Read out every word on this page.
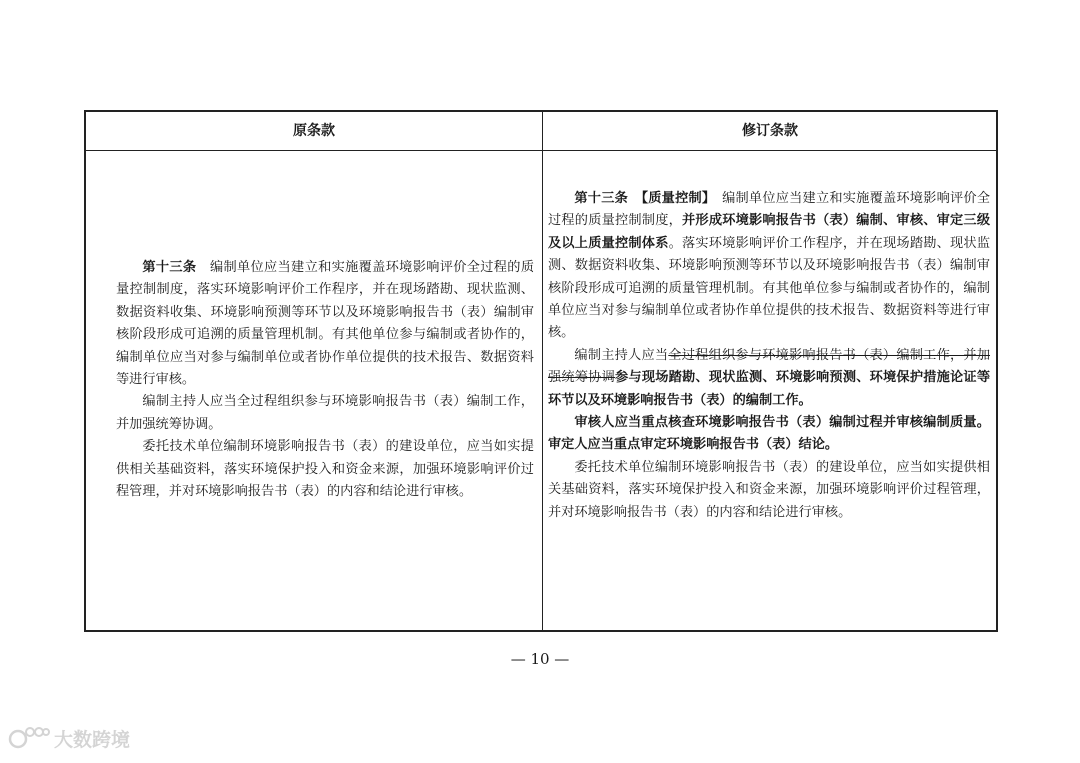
原条款	修订条款

第十三条  编制单位应当建立和实施覆盖环境影响评价全过程的质量控制制度，落实环境影响评价工作程序，并在现场踏勘、现状监测、数据资料收集、环境影响预测等环节以及环境影响报告书（表）编制审核阶段形成可追溯的质量管理机制。有其他单位参与编制或者协作的，编制单位应当对参与编制单位或者协作单位提供的技术报告、数据资料等进行审核。

编制主持人应当全过程组织参与环境影响报告书（表）编制工作，并加强统筹协调。

委托技术单位编制环境影响报告书（表）的建设单位，应当如实提供相关基础资料，落实环境保护投入和资金来源，加强环境影响评价过程管理，并对环境影响报告书（表）的内容和结论进行审核。

第十三条  【质量控制】  编制单位应当建立和实施覆盖环境影响评价全过程的质量控制制度，并形成环境影响报告书（表）编制、审核、审定三级及以上质量控制体系。落实环境影响评价工作程序，并在现场踏勘、现状监测、数据资料收集、环境影响预测等环节以及环境影响报告书（表）编制审核阶段形成可追溯的质量管理机制。有其他单位参与编制或者协作的，编制单位应当对参与编制单位或者协作单位提供的技术报告、数据资料等进行审核。

编制主持人应当全过程组织参与环境影响报告书（表）编制工作，并加强统筹协调参与现场踏勘、现状监测、环境影响预测、环境保护措施论证等环节以及环境影响报告书（表）的编制工作。

审核人应当重点核查环境影响报告书（表）编制过程并审核编制质量。审定人应当重点审定环境影响报告书（表）结论。

委托技术单位编制环境影响报告书（表）的建设单位，应当如实提供相关基础资料，落实环境保护投入和资金来源，加强环境影响评价过程管理，并对环境影响报告书（表）的内容和结论进行审核。

— 10 —
大数跨境
